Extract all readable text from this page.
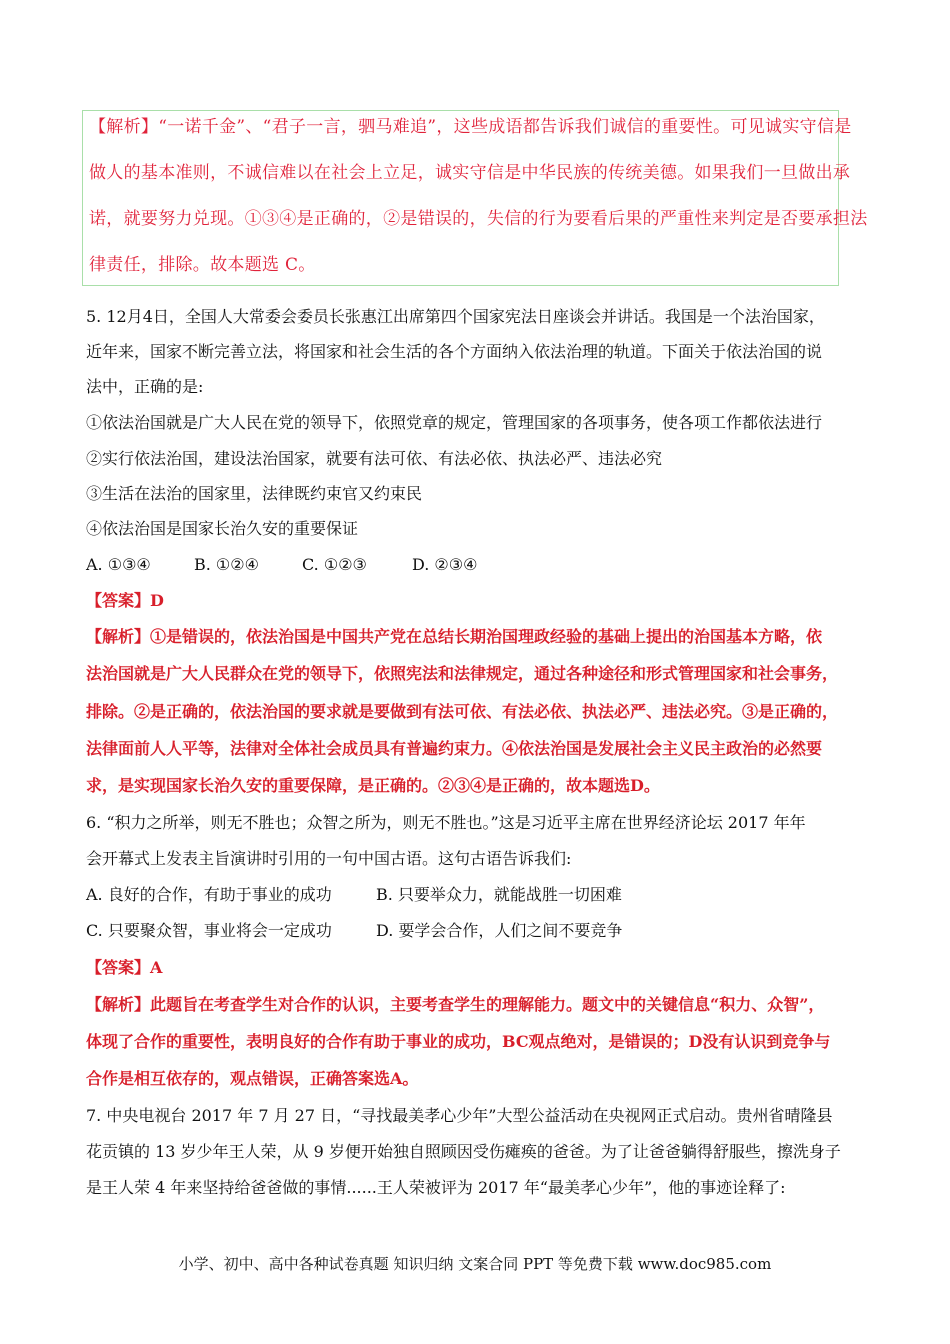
【解析】“一诺千金”、“君子一言，驷马难追”，这些成语都告诉我们诚信的重要性。可见诚实守信是
做人的基本准则，不诚信难以在社会上立足，诚实守信是中华民族的传统美德。如果我们一旦做出承
诺，就要努力兑现。①③④是正确的，②是错误的，失信的行为要看后果的严重性来判定是否要承担法
律责任，排除。故本题选 C。
5. 12月4日，全国人大常委会委员长张惠江出席第四个国家宪法日座谈会并讲话。我国是一个法治国家，
近年来，国家不断完善立法，将国家和社会生活的各个方面纳入依法治理的轨道。下面关于依法治国的说
法中，正确的是:
①依法治国就是广大人民在党的领导下，依照党章的规定，管理国家的各项事务，使各项工作都依法进行
②实行依法治国，建设法治国家，就要有法可依、有法必依、执法必严、违法必究
③生活在法治的国家里，法律既约束官又约束民
④依法治国是国家长治久安的重要保证
A. ①③④	B. ①②④	C. ①②③	D. ②③④
【答案】D
【解析】①是错误的，依法治国是中国共产党在总结长期治国理政经验的基础上提出的治国基本方略，依
法治国就是广大人民群众在党的领导下，依照宪法和法律规定，通过各种途径和形式管理国家和社会事务，
排除。②是正确的，依法治国的要求就是要做到有法可依、有法必依、执法必严、违法必究。③是正确的，
法律面前人人平等，法律对全体社会成员具有普遍约束力。④依法治国是发展社会主义民主政治的必然要
求，是实现国家长治久安的重要保障，是正确的。②③④是正确的，故本题选D。
6. “积力之所举，则无不胜也；众智之所为，则无不胜也。”这是习近平主席在世界经济论坛 2017 年年
会开幕式上发表主旨演讲时引用的一句中国古语。这句古语告诉我们:
A. 良好的合作，有助于事业的成功	B. 只要举众力，就能战胜一切困难
C. 只要聚众智，事业将会一定成功	D. 要学会合作，人们之间不要竞争
【答案】A
【解析】此题旨在考查学生对合作的认识，主要考查学生的理解能力。题文中的关键信息“积力、众智”，
体现了合作的重要性，表明良好的合作有助于事业的成功，BC观点绝对，是错误的；D没有认识到竞争与
合作是相互依存的，观点错误，正确答案选A。
7. 中央电视台 2017 年 7 月 27 日，“寻找最美孝心少年”大型公益活动在央视网正式启动。贵州省晴隆县
花贡镇的 13 岁少年王人荣，从 9 岁便开始独自照顾因受伤瘫痪的爸爸。为了让爸爸躺得舒服些，擦洗身子
是王人荣 4 年来坚持给爸爸做的事情......王人荣被评为 2017 年“最美孝心少年”，他的事迹诠释了:
小学、初中、高中各种试卷真题 知识归纳 文案合同 PPT 等免费下载 www.doc985.com
